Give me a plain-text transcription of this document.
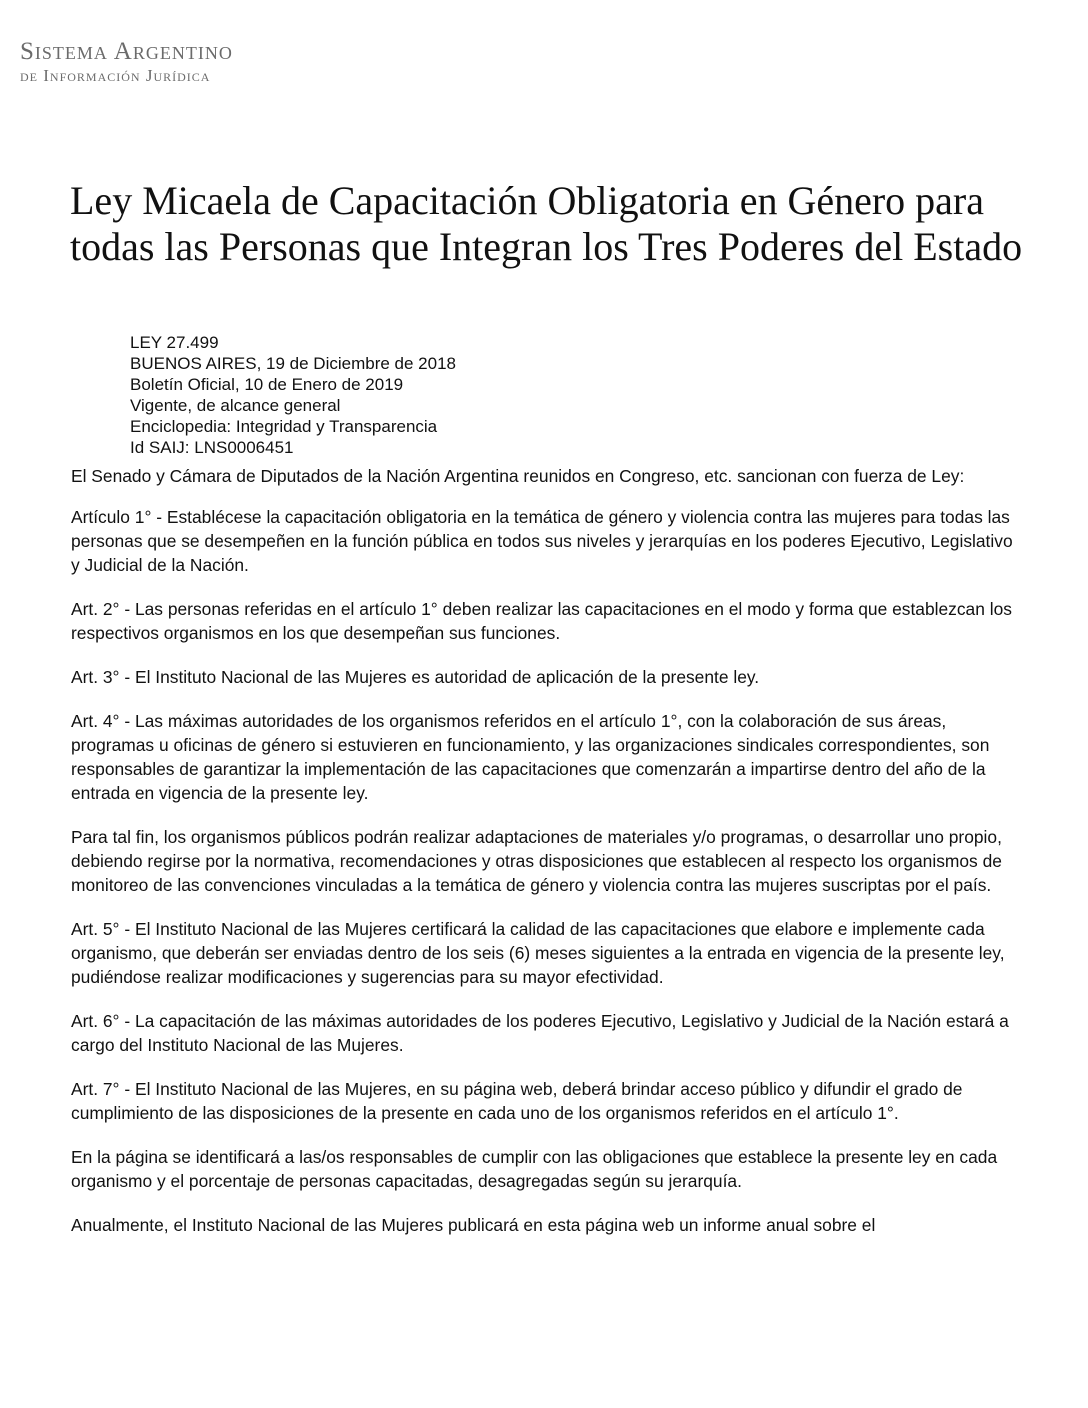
Sistema Argentino
de Información Jurídica
Ley Micaela de Capacitación Obligatoria en Género para todas las Personas que Integran los Tres Poderes del Estado
LEY 27.499
BUENOS AIRES, 19 de Diciembre de 2018
Boletín Oficial, 10 de Enero de 2019
Vigente, de alcance general
Enciclopedia: Integridad y Transparencia
Id SAIJ: LNS0006451

El Senado y Cámara de Diputados de la Nación Argentina reunidos en Congreso, etc. sancionan con fuerza de Ley:

Artículo 1° - Establécese la capacitación obligatoria en la temática de género y violencia contra las mujeres para todas las personas que se desempeñen en la función pública en todos sus niveles y jerarquías en los poderes Ejecutivo, Legislativo y Judicial de la Nación.

Art. 2° - Las personas referidas en el artículo 1° deben realizar las capacitaciones en el modo y forma que establezcan los respectivos organismos en los que desempeñan sus funciones.

Art. 3° - El Instituto Nacional de las Mujeres es autoridad de aplicación de la presente ley.

Art. 4° - Las máximas autoridades de los organismos referidos en el artículo 1°, con la colaboración de sus áreas, programas u oficinas de género si estuvieren en funcionamiento, y las organizaciones sindicales correspondientes, son responsables de garantizar la implementación de las capacitaciones que comenzarán a impartirse dentro del año de la entrada en vigencia de la presente ley.

Para tal fin, los organismos públicos podrán realizar adaptaciones de materiales y/o programas, o desarrollar uno propio, debiendo regirse por la normativa, recomendaciones y otras disposiciones que establecen al respecto los organismos de monitoreo de las convenciones vinculadas a la temática de género y violencia contra las mujeres suscriptas por el país.

Art. 5° - El Instituto Nacional de las Mujeres certificará la calidad de las capacitaciones que elabore e implemente cada organismo, que deberán ser enviadas dentro de los seis (6) meses siguientes a la entrada en vigencia de la presente ley, pudiéndose realizar modificaciones y sugerencias para su mayor efectividad.

Art. 6° - La capacitación de las máximas autoridades de los poderes Ejecutivo, Legislativo y Judicial de la Nación estará a cargo del Instituto Nacional de las Mujeres.

Art. 7° - El Instituto Nacional de las Mujeres, en su página web, deberá brindar acceso público y difundir el grado de cumplimiento de las disposiciones de la presente en cada uno de los organismos referidos en el artículo 1°.

En la página se identificará a las/os responsables de cumplir con las obligaciones que establece la presente ley en cada organismo y el porcentaje de personas capacitadas, desagregadas según su jerarquía.

Anualmente, el Instituto Nacional de las Mujeres publicará en esta página web un informe anual sobre el
